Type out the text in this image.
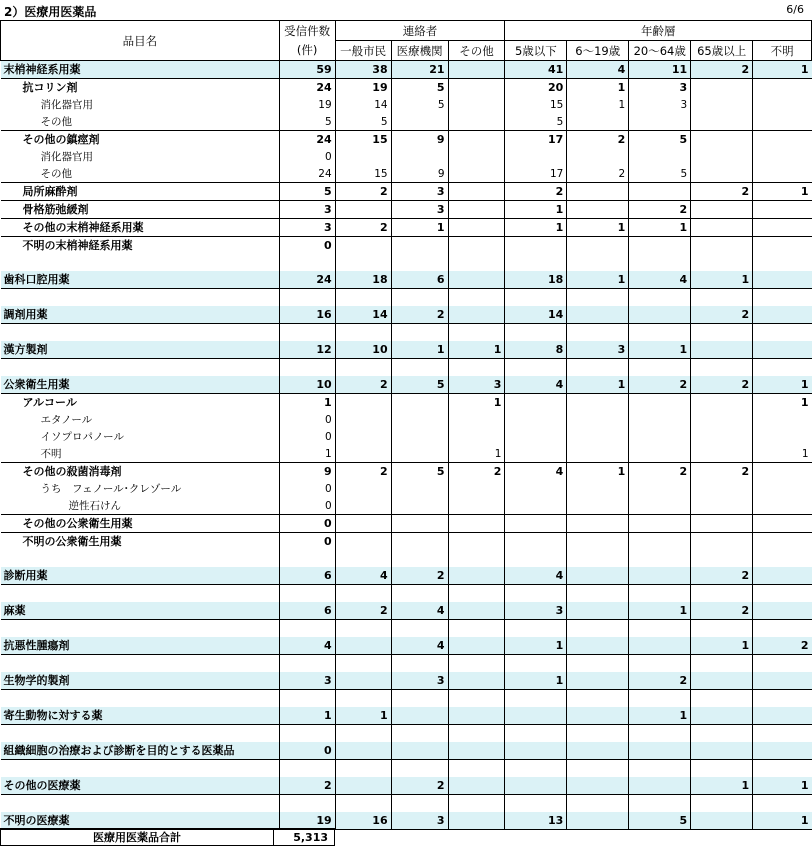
2）医療用医薬品	6/6
品目名	受信件数	連絡者			年齢層				
	(件)	一般市民	医療機関	その他	5歳以下	6～19歳	20～64歳	65歳以上	不明
末梢神経系用薬	59	38	21		41	4	11	2	1
抗コリン剤	24	19	5		20	1	3		
消化器官用	19	14	5		15	1	3		
その他	5	5			5				
その他の鎮痙剤	24	15	9		17	2	5		
消化器官用	0								
その他	24	15	9		17	2	5		
局所麻酔剤	5	2	3		2			2	1
骨格筋弛緩剤	3		3		1		2		
その他の末梢神経系用薬	3	2	1		1	1	1		
不明の末梢神経系用薬	0								

歯科口腔用薬	24	18	6		18	1	4	1	

調剤用薬	16	14	2		14			2	

漢方製剤	12	10	1	1	8	3	1		

公衆衛生用薬	10	2	5	3	4	1	2	2	1
アルコール	1			1					1
エタノール	0								
イソプロパノール	0								
不明	1			1					1
その他の殺菌消毒剤	9	2	5	2	4	1	2	2	
うち　フェノール･クレゾール	0								
逆性石けん	0								
その他の公衆衛生用薬	0								
不明の公衆衛生用薬	0								

診断用薬	6	4	2		4			2	

麻薬	6	2	4		3		1	2	

抗悪性腫瘍剤	4		4		1			1	2

生物学的製剤	3		3		1		2		

寄生動物に対する薬	1	1					1		

組織細胞の治療および診断を目的とする医薬品	0								

その他の医療薬	2		2					1	1

不明の医療薬	19	16	3		13		5		1
医療用医薬品合計	5,313
